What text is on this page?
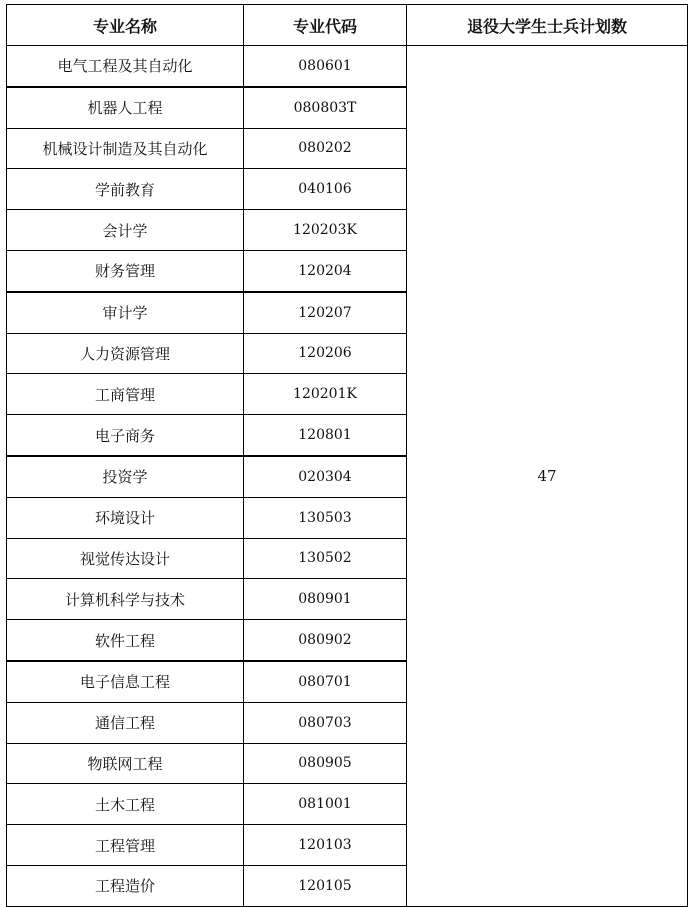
专业名称	专业代码	退役大学生士兵计划数
电气工程及其自动化	080601	47
机器人工程	080803T	
机械设计制造及其自动化	080202	
学前教育	040106	
会计学	120203K	
财务管理	120204	
审计学	120207	
人力资源管理	120206	
工商管理	120201K	
电子商务	120801	
投资学	020304	
环境设计	130503	
视觉传达设计	130502	
计算机科学与技术	080901	
软件工程	080902	
电子信息工程	080701	
通信工程	080703	
物联网工程	080905	
土木工程	081001	
工程管理	120103	
工程造价	120105	
